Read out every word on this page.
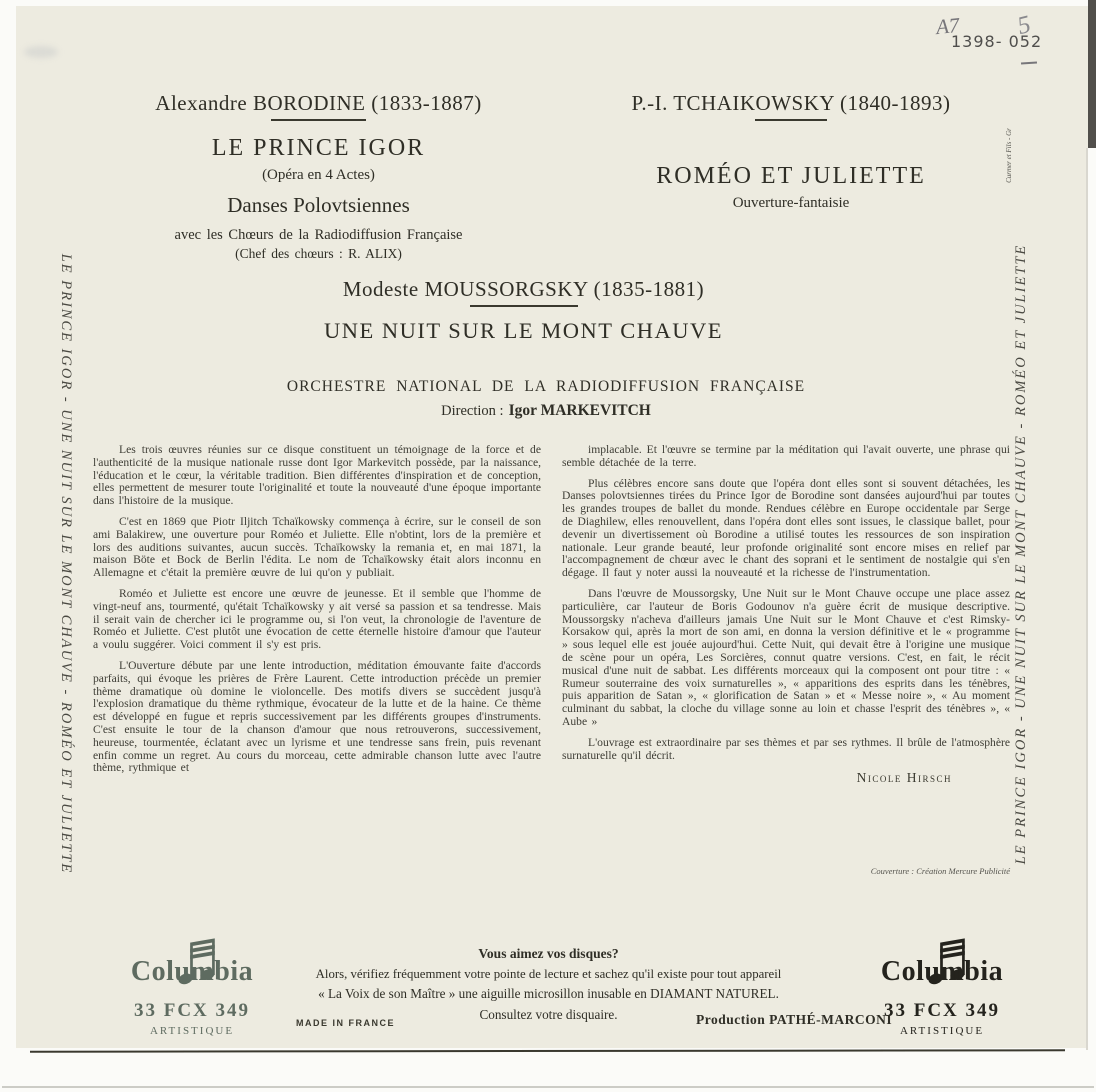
A7 5
1398- 052
Alexandre BORODINE (1833-1887)
LE PRINCE IGOR
(Opéra en 4 Actes)
Danses Polovtsiennes
avec les Chœurs de la Radiodiffusion Française
(Chef des chœurs : R. ALIX)
P.-I. TCHAIKOWSKY (1840-1893)
ROMÉO ET JULIETTE
Ouverture-fantaisie
Modeste MOUSSORGSKY (1835-1881)
UNE NUIT SUR LE MONT CHAUVE
ORCHESTRE NATIONAL DE LA RADIODIFFUSION FRANÇAISE
Direction : Igor MARKEVITCH

Les trois œuvres réunies sur ce disque constituent un témoignage de la force et de l'authenticité de la musique nationale russe dont Igor Markevitch possède, par la naissance, l'éducation et le cœur, la véritable tradition. Bien différentes d'inspiration et de conception, elles permettent de mesurer toute l'originalité et toute la nouveauté d'une époque importante dans l'histoire de la musique.

C'est en 1869 que Piotr Iljitch Tchaïkowsky commença à écrire, sur le conseil de son ami Balakirew, une ouverture pour Roméo et Juliette. Elle n'obtint, lors de la première et lors des auditions suivantes, aucun succès. Tchaïkowsky la remania et, en mai 1871, la maison Böte et Bock de Berlin l'édita. Le nom de Tchaïkowsky était alors inconnu en Allemagne et c'était la première œuvre de lui qu'on y publiait.

Roméo et Juliette est encore une œuvre de jeunesse. Et il semble que l'homme de vingt-neuf ans, tourmenté, qu'était Tchaïkowsky y ait versé sa passion et sa tendresse. Mais il serait vain de chercher ici le programme ou, si l'on veut, la chronologie de l'aventure de Roméo et Juliette. C'est plutôt une évocation de cette éternelle histoire d'amour que l'auteur a voulu suggérer. Voici comment il s'y est pris.

L'Ouverture débute par une lente introduction, méditation émouvante faite d'accords parfaits, qui évoque les prières de Frère Laurent. Cette introduction précède un premier thème dramatique où domine le violoncelle. Des motifs divers se succèdent jusqu'à l'explosion dramatique du thème rythmique, évocateur de la lutte et de la haine. Ce thème est développé en fugue et repris successivement par les différents groupes d'instruments. C'est ensuite le tour de la chanson d'amour que nous retrouverons, successivement, heureuse, tourmentée, éclatant avec un lyrisme et une tendresse sans frein, puis revenant enfin comme un regret. Au cours du morceau, cette admirable chanson lutte avec l'autre thème, rythmique et

implacable. Et l'œuvre se termine par la méditation qui l'avait ouverte, une phrase qui semble détachée de la terre.

Plus célèbres encore sans doute que l'opéra dont elles sont si souvent détachées, les Danses polovtsiennes tirées du Prince Igor de Borodine sont dansées aujourd'hui par toutes les grandes troupes de ballet du monde. Rendues célèbre en Europe occidentale par Serge de Diaghilew, elles renouvellent, dans l'opéra dont elles sont issues, le classique ballet, pour devenir un divertissement où Borodine a utilisé toutes les ressources de son inspiration nationale. Leur grande beauté, leur profonde originalité sont encore mises en relief par l'accompagnement de chœur avec le chant des soprani et le sentiment de nostalgie qui s'en dégage. Il faut y noter aussi la nouveauté et la richesse de l'instrumentation.

Dans l'œuvre de Moussorgsky, Une Nuit sur le Mont Chauve occupe une place assez particulière, car l'auteur de Boris Godounov n'a guère écrit de musique descriptive. Moussorgsky n'acheva d'ailleurs jamais Une Nuit sur le Mont Chauve et c'est Rimsky-Korsakow qui, après la mort de son ami, en donna la version définitive et le « programme » sous lequel elle est jouée aujourd'hui. Cette Nuit, qui devait être à l'origine une musique de scène pour un opéra, Les Sorcières, connut quatre versions. C'est, en fait, le récit musical d'une nuit de sabbat. Les différents morceaux qui la composent ont pour titre : « Rumeur souterraine des voix surnaturelles », « apparitions des esprits dans les ténèbres, puis apparition de Satan », « glorification de Satan » et « Messe noire », « Au moment culminant du sabbat, la cloche du village sonne au loin et chasse l'esprit des ténèbres », « Aube »

L'ouvrage est extraordinaire par ses thèmes et par ses rythmes. Il brûle de l'atmosphère surnaturelle qu'il décrit.

Nicole Hirsch
Couverture : Création Mercure Publicité
LE PRINCE IGOR - UNE NUIT SUR LE MONT CHAUVE - ROMÉO ET JULIETTE	LE PRINCE IGOR - UNE NUIT SUR LE MONT CHAUVE - ROMÉO ET JULIETTE
Curmer et Fils - Gr
Columbia
33 FCX 349
ARTISTIQUE
Columbia
33 FCX 349
ARTISTIQUE
Vous aimez vos disques?
Alors, vérifiez fréquemment votre pointe de lecture et sachez qu'il existe pour tout appareil
« La Voix de son Maître » une aiguille microsillon inusable en DIAMANT NATUREL.
Consultez votre disquaire.
MADE IN FRANCE	Production PATHÉ-MARCONI
